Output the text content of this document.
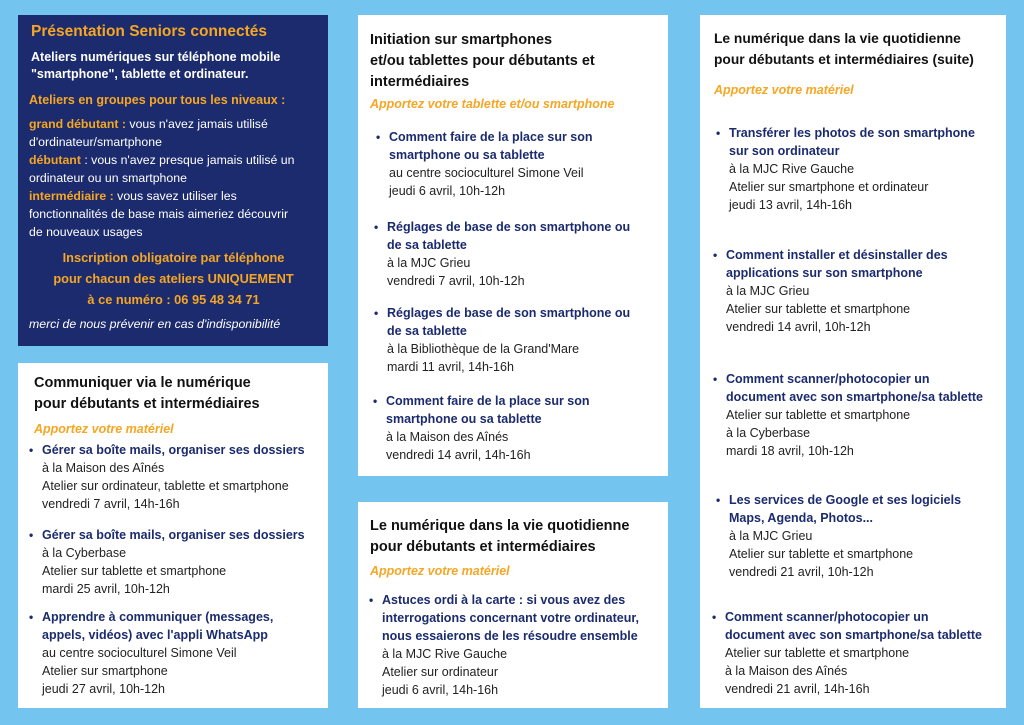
Présentation Seniors connectés
Ateliers numériques sur téléphone mobile
"smartphone", tablette et ordinateur.
Ateliers en groupes pour tous les niveaux :
grand débutant : vous n'avez jamais utilisé
d'ordinateur/smartphone
débutant : vous n'avez presque jamais utilisé un
ordinateur ou un smartphone
intermédiaire : vous savez utiliser les
fonctionnalités de base mais aimeriez découvrir
de nouveaux usages
Inscription obligatoire par téléphone
pour chacun des ateliers UNIQUEMENT
à ce numéro : 06 95 48 34 71
merci de nous prévenir en cas d'indisponibilité
Communiquer via le numérique
pour débutants et intermédiaires
Apportez votre matériel
• Gérer sa boîte mails, organiser ses dossiers
à la Maison des Aînés
Atelier sur ordinateur, tablette et smartphone
vendredi 7 avril, 14h-16h
• Gérer sa boîte mails, organiser ses dossiers
à la Cyberbase
Atelier sur tablette et smartphone
mardi 25 avril, 10h-12h
• Apprendre à communiquer (messages,
appels, vidéos) avec l'appli WhatsApp
au centre socioculturel Simone Veil
Atelier sur smartphone
jeudi 27 avril, 10h-12h
Initiation sur smartphones
et/ou tablettes pour débutants et
intermédiaires
Apportez votre tablette et/ou smartphone
• Comment faire de la place sur son
smartphone ou sa tablette
au centre socioculturel Simone Veil
jeudi 6 avril, 10h-12h
• Réglages de base de son smartphone ou
de sa tablette
à la MJC Grieu
vendredi 7 avril, 10h-12h
• Réglages de base de son smartphone ou
de sa tablette
à la Bibliothèque de la Grand'Mare
mardi 11 avril, 14h-16h
• Comment faire de la place sur son
smartphone ou sa tablette
à la Maison des Aînés
vendredi 14 avril, 14h-16h
Le numérique dans la vie quotidienne
pour débutants et intermédiaires
Apportez votre matériel
• Astuces ordi à la carte : si vous avez des
interrogations concernant votre ordinateur,
nous essaierons de les résoudre ensemble
à la MJC Rive Gauche
Atelier sur ordinateur
jeudi 6 avril, 14h-16h
Le numérique dans la vie quotidienne
pour débutants et intermédiaires (suite)
Apportez votre matériel
• Transférer les photos de son smartphone
sur son ordinateur
à la MJC Rive Gauche
Atelier sur smartphone et ordinateur
jeudi 13 avril, 14h-16h
• Comment installer et désinstaller des
applications sur son smartphone
à la MJC Grieu
Atelier sur tablette et smartphone
vendredi 14 avril, 10h-12h
• Comment scanner/photocopier un
document avec son smartphone/sa tablette
Atelier sur tablette et smartphone
à la Cyberbase
mardi 18 avril, 10h-12h
• Les services de Google et ses logiciels
Maps, Agenda, Photos...
à la MJC Grieu
Atelier sur tablette et smartphone
vendredi 21 avril, 10h-12h
• Comment scanner/photocopier un
document avec son smartphone/sa tablette
Atelier sur tablette et smartphone
à la Maison des Aînés
vendredi 21 avril, 14h-16h
